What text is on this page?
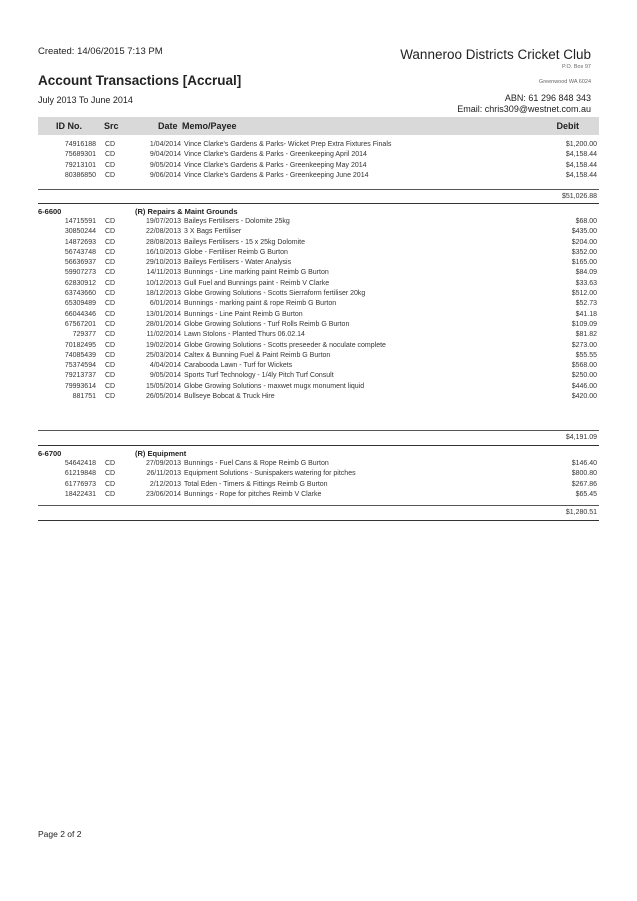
Created: 14/06/2015 7:13 PM
Account Transactions [Accrual]
July 2013 To June 2014
Wanneroo Districts Cricket Club
P.O. Box 97
Greenwood WA 6024
ABN: 61 296 848 343
Email: chris309@westnet.com.au
ID No. Src	Date Memo/Payee	Debit
74916188 CD	1/04/2014 Vince Clarke's Gardens & Parks- Wicket Prep Extra Fixtures Finals	$1,200.00
75689301 CD	9/04/2014 Vince Clarke's Gardens & Parks - Greenkeeping April 2014	$4,158.44
79213101 CD	9/05/2014 Vince Clarke's Gardens & Parks - Greenkeeping May 2014	$4,158.44
80386850 CD	9/06/2014 Vince Clarke's Gardens & Parks - Greenkeeping June 2014	$4,158.44
$51,026.88
6-6600	(R) Repairs & Maint Grounds
14715591 CD	19/07/2013 Baileys Fertilisers - Dolomite 25kg	$68.00
30850244 CD	22/08/2013 3 X Bags Fertiliser	$435.00
14872693 CD	28/08/2013 Baileys Fertilisers - 15 x 25kg Dolomite	$204.00
56743748 CD	16/10/2013 Globe - Fertiliser Reimb G Burton	$352.00
56636937 CD	29/10/2013 Baileys Fertilisers - Water Analysis	$165.00
59907273 CD	14/11/2013 Bunnings - Line marking paint Reimb G Burton	$84.09
62830912 CD	10/12/2013 Gull Fuel and Bunnings paint - Reimb V Clarke	$33.63
63743660 CD	18/12/2013 Globe Growing Solutions - Scotts Sierraform fertiliser 20kg	$512.00
65309489 CD	6/01/2014 Bunnings - marking paint & rope Reimb G Burton	$52.73
66044346 CD	13/01/2014 Bunnings - Line Paint Reimb G Burton	$41.18
67567201 CD	28/01/2014 Globe Growing Solutions - Turf Rolls Reimb G Burton	$109.09
729377 CD	11/02/2014 Lawn Stolons - Planted Thurs 06.02.14	$81.82
70182495 CD	19/02/2014 Globe Growing Solutions - Scotts preseeder & noculate complete	$273.00
74085439 CD	25/03/2014 Caltex & Bunning Fuel & Paint Reimb G Burton	$55.55
75374594 CD	4/04/2014 Carabooda Lawn - Turf for Wickets	$568.00
79213737 CD	9/05/2014 Sports Turf Technology - 1/4ly Pitch Turf Consult	$250.00
79993614 CD	15/05/2014 Globe Growing Solutions - maxwet mugx monument liquid	$446.00
881751 CD	26/05/2014 Bullseye Bobcat & Truck Hire	$420.00
$4,191.09
6-6700	(R) Equipment
54642418 CD	27/09/2013 Bunnings - Fuel Cans & Rope Reimb G Burton	$146.40
61219848 CD	26/11/2013 Equipment Solutions - Sunispakers watering for pitches	$800.80
61776973 CD	2/12/2013 Total Eden - Timers & Fittings Reimb G Burton	$267.86
18422431 CD	23/06/2014 Bunnings - Rope for pitches Reimb V Clarke	$65.45
$1,280.51
Page 2 of 2
